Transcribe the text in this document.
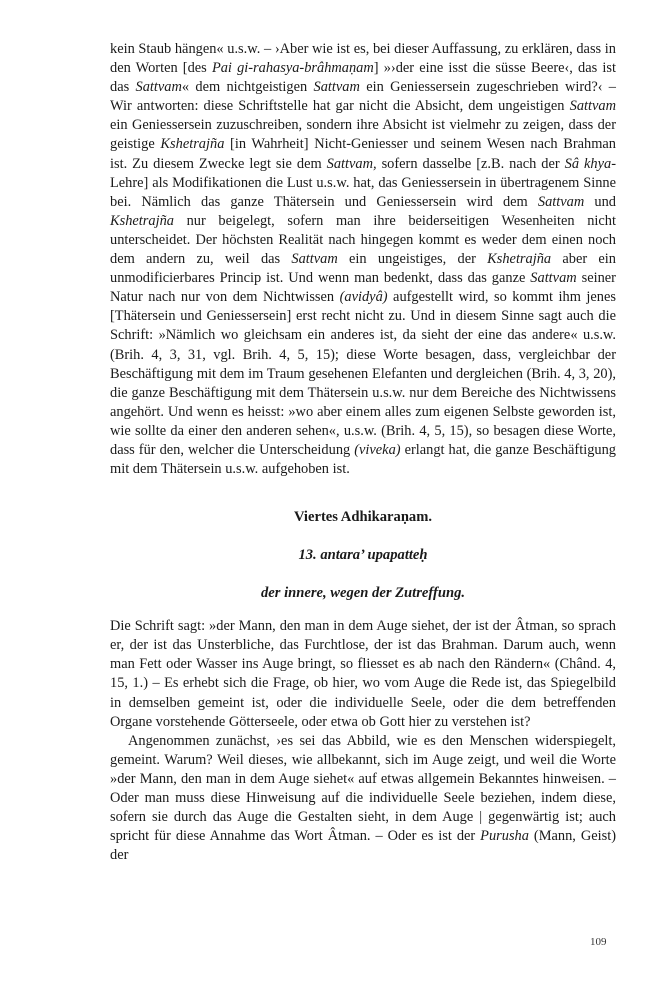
kein Staub hängen« u.s.w. – ›Aber wie ist es, bei dieser Auffassung, zu erklären, dass in den Worten [des Pai gi-rahasya-brâhmaṇam] »›der eine isst die süsse Beere‹, das ist das Sattvam« dem nichtgeistigen Sattvam ein Geniessersein zugeschrieben wird?‹ – Wir antworten: diese Schriftstelle hat gar nicht die Absicht, dem ungeistigen Sattvam ein Geniessersein zuzuschreiben, sondern ihre Absicht ist vielmehr zu zeigen, dass der geistige Kshetrajña [in Wahrheit] Nicht-Geniesser und seinem Wesen nach Brahman ist. Zu diesem Zwecke legt sie dem Sattvam, sofern dasselbe [z.B. nach der Sâ khya-Lehre] als Modifikationen die Lust u.s.w. hat, das Geniessersein in übertragenem Sinne bei. Nämlich das ganze Thätersein und Geniessersein wird dem Sattvam und Kshetrajña nur beigelegt, sofern man ihre beiderseitigen Wesenheiten nicht unterscheidet. Der höchsten Realität nach hingegen kommt es weder dem einen noch dem andern zu, weil das Sattvam ein ungeistiges, der Kshetrajña aber ein unmodificierbares Princip ist. Und wenn man bedenkt, dass das ganze Sattvam seiner Natur nach nur von dem Nichtwissen (avidyâ) aufgestellt wird, so kommt ihm jenes [Thätersein und Geniessersein] erst recht nicht zu. Und in diesem Sinne sagt auch die Schrift: »Nämlich wo gleichsam ein anderes ist, da sieht der eine das andere« u.s.w. (Brih. 4, 3, 31, vgl. Brih. 4, 5, 15); diese Worte besagen, dass, vergleichbar der Beschäftigung mit dem im Traum gesehenen Elefanten und dergleichen (Brih. 4, 3, 20), die ganze Beschäftigung mit dem Thätersein u.s.w. nur dem Bereiche des Nichtwissens angehört. Und wenn es heisst: »wo aber einem alles zum eigenen Selbste geworden ist, wie sollte da einer den anderen sehen«, u.s.w. (Brih. 4, 5, 15), so besagen diese Worte, dass für den, welcher die Unterscheidung (viveka) erlangt hat, die ganze Beschäftigung mit dem Thätersein u.s.w. aufgehoben ist.

Viertes Adhikaraṇam.
13. antara’ upapatteḥ
der innere, wegen der Zutreffung.

Die Schrift sagt: »der Mann, den man in dem Auge siehet, der ist der Âtman, so sprach er, der ist das Unsterbliche, das Furchtlose, der ist das Brahman. Darum auch, wenn man Fett oder Wasser ins Auge bringt, so fliesset es ab nach den Rändern« (Chând. 4, 15, 1.) – Es erhebt sich die Frage, ob hier, wo vom Auge die Rede ist, das Spiegelbild in demselben gemeint ist, oder die individuelle Seele, oder die dem betreffenden Organe vorstehende Götterseele, oder etwa ob Gott hier zu verstehen ist?

Angenommen zunächst, ›es sei das Abbild, wie es den Menschen widerspiegelt, gemeint. Warum? Weil dieses, wie allbekannt, sich im Auge zeigt, und weil die Worte »der Mann, den man in dem Auge siehet« auf etwas allgemein Bekanntes hinweisen. – Oder man muss diese Hinweisung auf die individuelle Seele beziehen, indem diese, sofern sie durch das Auge die Gestalten sieht, in dem Auge | gegenwärtig ist; auch spricht für diese Annahme das Wort Âtman. – Oder es ist der Purusha (Mann, Geist) der

109
